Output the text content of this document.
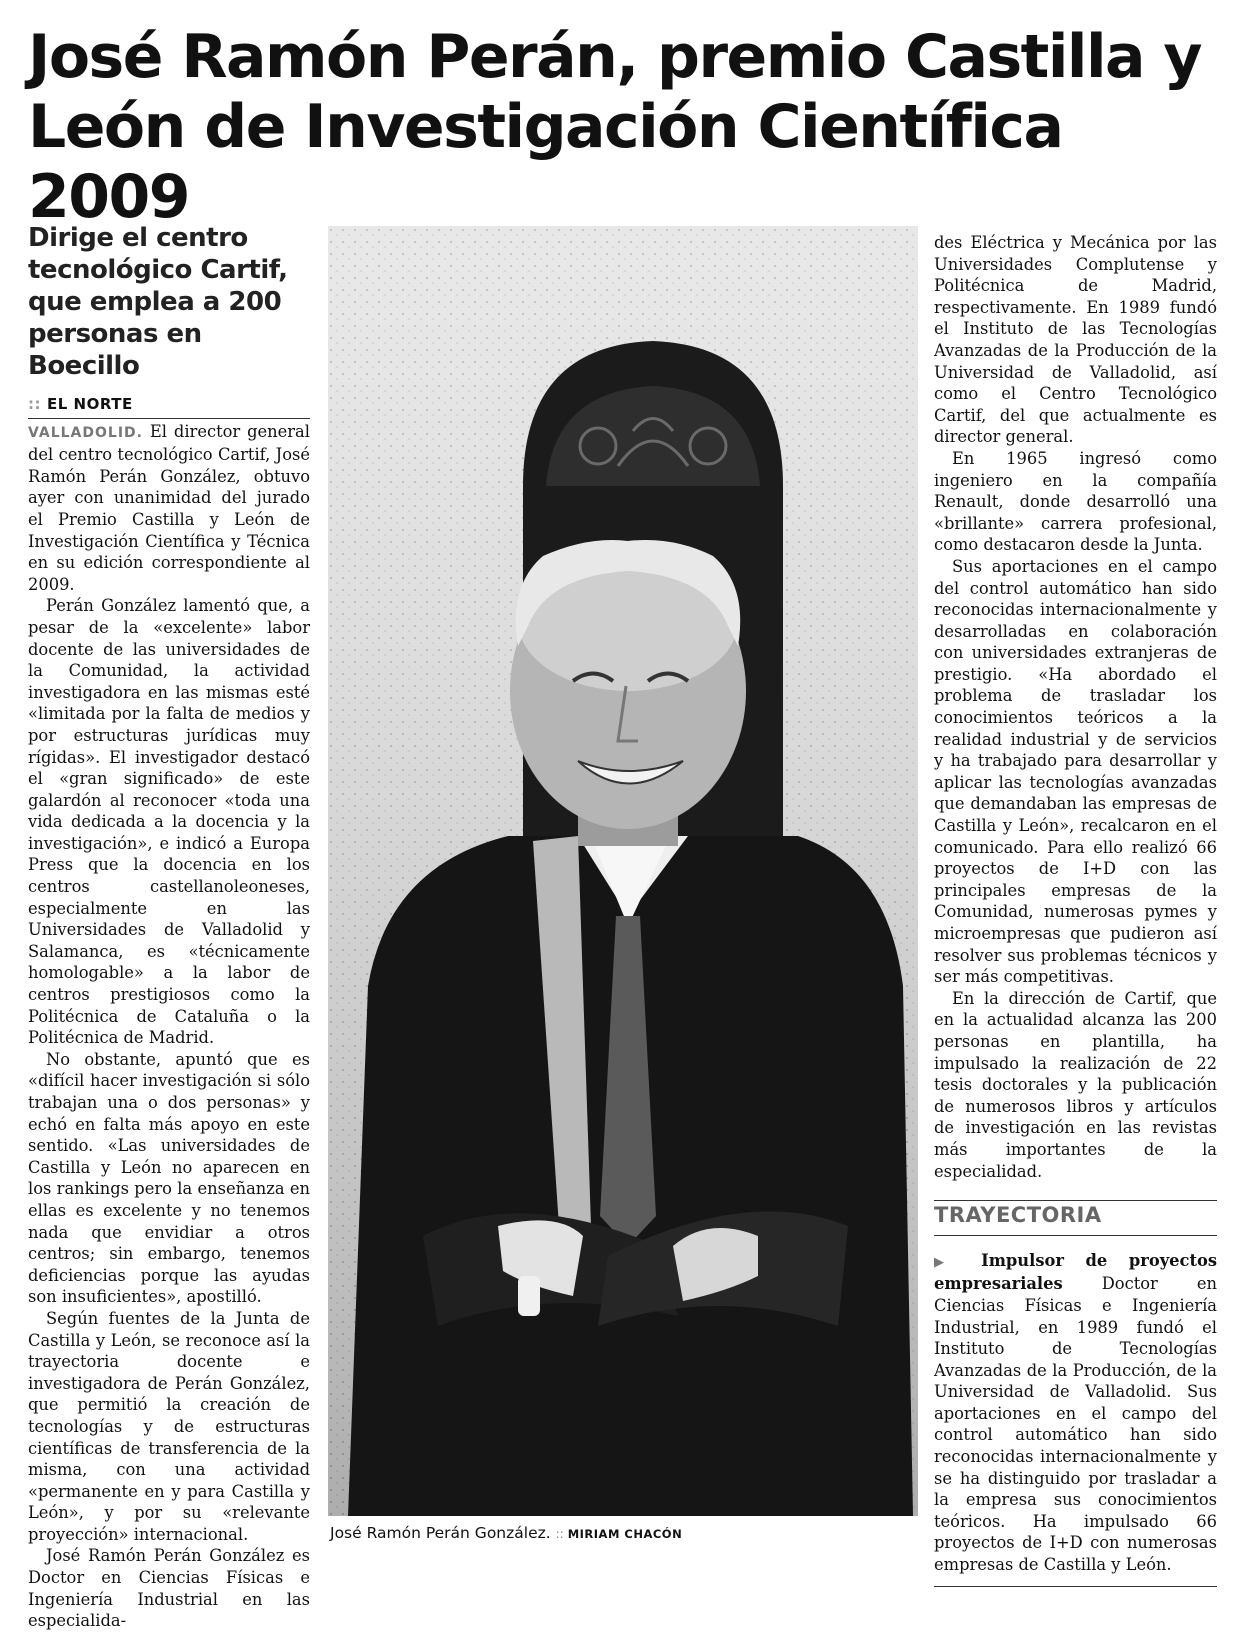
José Ramón Perán, premio Castilla y León de Investigación Científica 2009
Dirige el centro tecnológico Cartif, que emplea a 200 personas en Boecillo
:: EL NORTE

VALLADOLID. El director general del centro tecnológico Cartif, José Ramón Perán González, obtuvo ayer con unanimidad del jurado el Premio Castilla y León de Investigación Científica y Técnica en su edición correspondiente al 2009.

Perán González lamentó que, a pesar de la «excelente» labor docente de las universidades de la Comunidad, la actividad investigadora en las mismas esté «limitada por la falta de medios y por estructuras jurídicas muy rígidas». El investigador destacó el «gran significado» de este galardón al reconocer «toda una vida dedicada a la docencia y la investigación», e indicó a Europa Press que la docencia en los centros castellanoleoneses, especialmente en las Universidades de Valladolid y Salamanca, es «técnicamente homologable» a la labor de centros prestigiosos como la Politécnica de Cataluña o la Politécnica de Madrid.

No obstante, apuntó que es «difícil hacer investigación si sólo trabajan una o dos personas» y echó en falta más apoyo en este sentido. «Las universidades de Castilla y León no aparecen en los rankings pero la enseñanza en ellas es excelente y no tenemos nada que envidiar a otros centros; sin embargo, tenemos deficiencias porque las ayudas son insuficientes», apostilló.

Según fuentes de la Junta de Castilla y León, se reconoce así la trayectoria docente e investigadora de Perán González, que permitió la creación de tecnologías y de estructuras científicas de transferencia de la misma, con una actividad «permanente en y para Castilla y León», y por su «relevante proyección» internacional.

José Ramón Perán González es Doctor en Ciencias Físicas e Ingeniería Industrial en las especialida-

José Ramón Perán González. :: MIRIAM CHACÓN

des Eléctrica y Mecánica por las Universidades Complutense y Politécnica de Madrid, respectivamente. En 1989 fundó el Instituto de las Tecnologías Avanzadas de la Producción de la Universidad de Valladolid, así como el Centro Tecnológico Cartif, del que actualmente es director general.

En 1965 ingresó como ingeniero en la compañía Renault, donde desarrolló una «brillante» carrera profesional, como destacaron desde la Junta.

Sus aportaciones en el campo del control automático han sido reconocidas internacionalmente y desarrolladas en colaboración con universidades extranjeras de prestigio. «Ha abordado el problema de trasladar los conocimientos teóricos a la realidad industrial y de servicios y ha trabajado para desarrollar y aplicar las tecnologías avanzadas que demandaban las empresas de Castilla y León», recalcaron en el comunicado. Para ello realizó 66 proyectos de I+D con las principales empresas de la Comunidad, numerosas pymes y microempresas que pudieron así resolver sus problemas técnicos y ser más competitivas.

En la dirección de Cartif, que en la actualidad alcanza las 200 personas en plantilla, ha impulsado la realización de 22 tesis doctorales y la publicación de numerosos libros y artículos de investigación en las revistas más importantes de la especialidad.

TRAYECTORIA

▶ Impulsor de proyectos empresariales Doctor en Ciencias Físicas e Ingeniería Industrial, en 1989 fundó el Instituto de Tecnologías Avanzadas de la Producción, de la Universidad de Valladolid. Sus aportaciones en el campo del control automático han sido reconocidas internacionalmente y se ha distinguido por trasladar a la empresa sus conocimientos teóricos. Ha impulsado 66 proyectos de I+D con numerosas empresas de Castilla y León.
